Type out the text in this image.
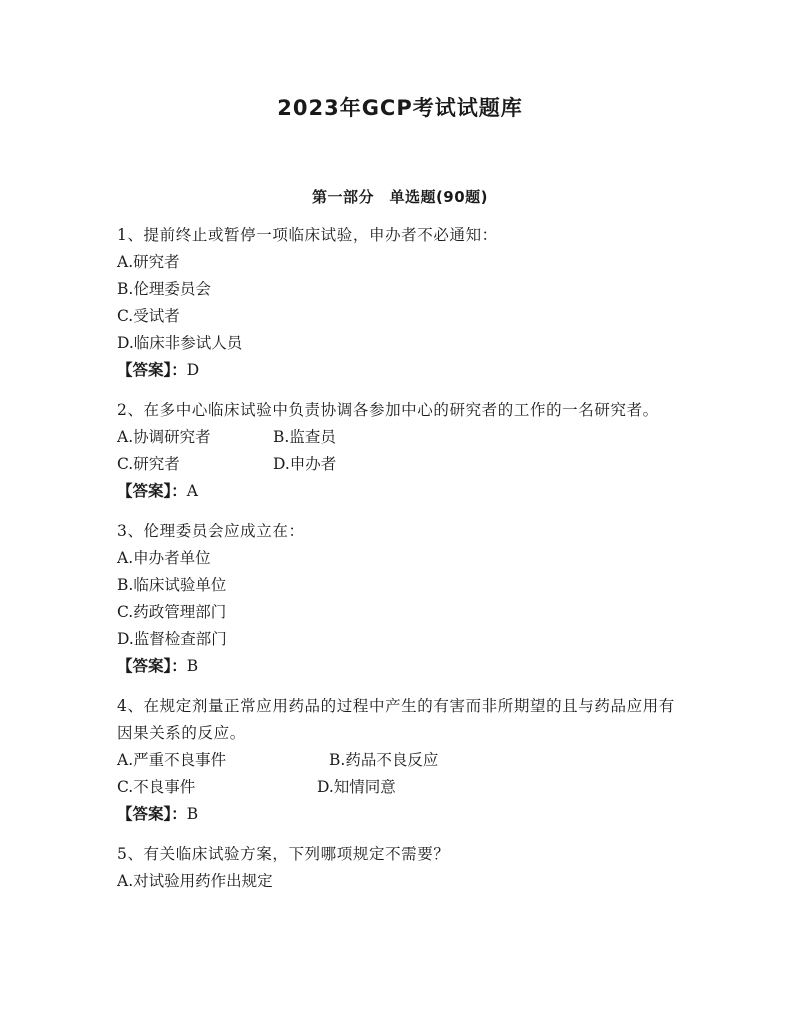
2023年GCP考试试题库
第一部分　单选题(90题)
1、提前终止或暂停一项临床试验，申办者不必通知：
A.研究者
B.伦理委员会
C.受试者
D.临床非参试人员
【答案】：D
2、在多中心临床试验中负责协调各参加中心的研究者的工作的一名研究者。
A.协调研究者	B.监查员
C.研究者	D.申办者
【答案】：A
3、伦理委员会应成立在：
A.申办者单位
B.临床试验单位
C.药政管理部门
D.监督检查部门
【答案】：B
4、在规定剂量正常应用药品的过程中产生的有害而非所期望的且与药品应用有因果关系的反应。
A.严重不良事件	B.药品不良反应
C.不良事件	D.知情同意
【答案】：B
5、有关临床试验方案，下列哪项规定不需要？
A.对试验用药作出规定
